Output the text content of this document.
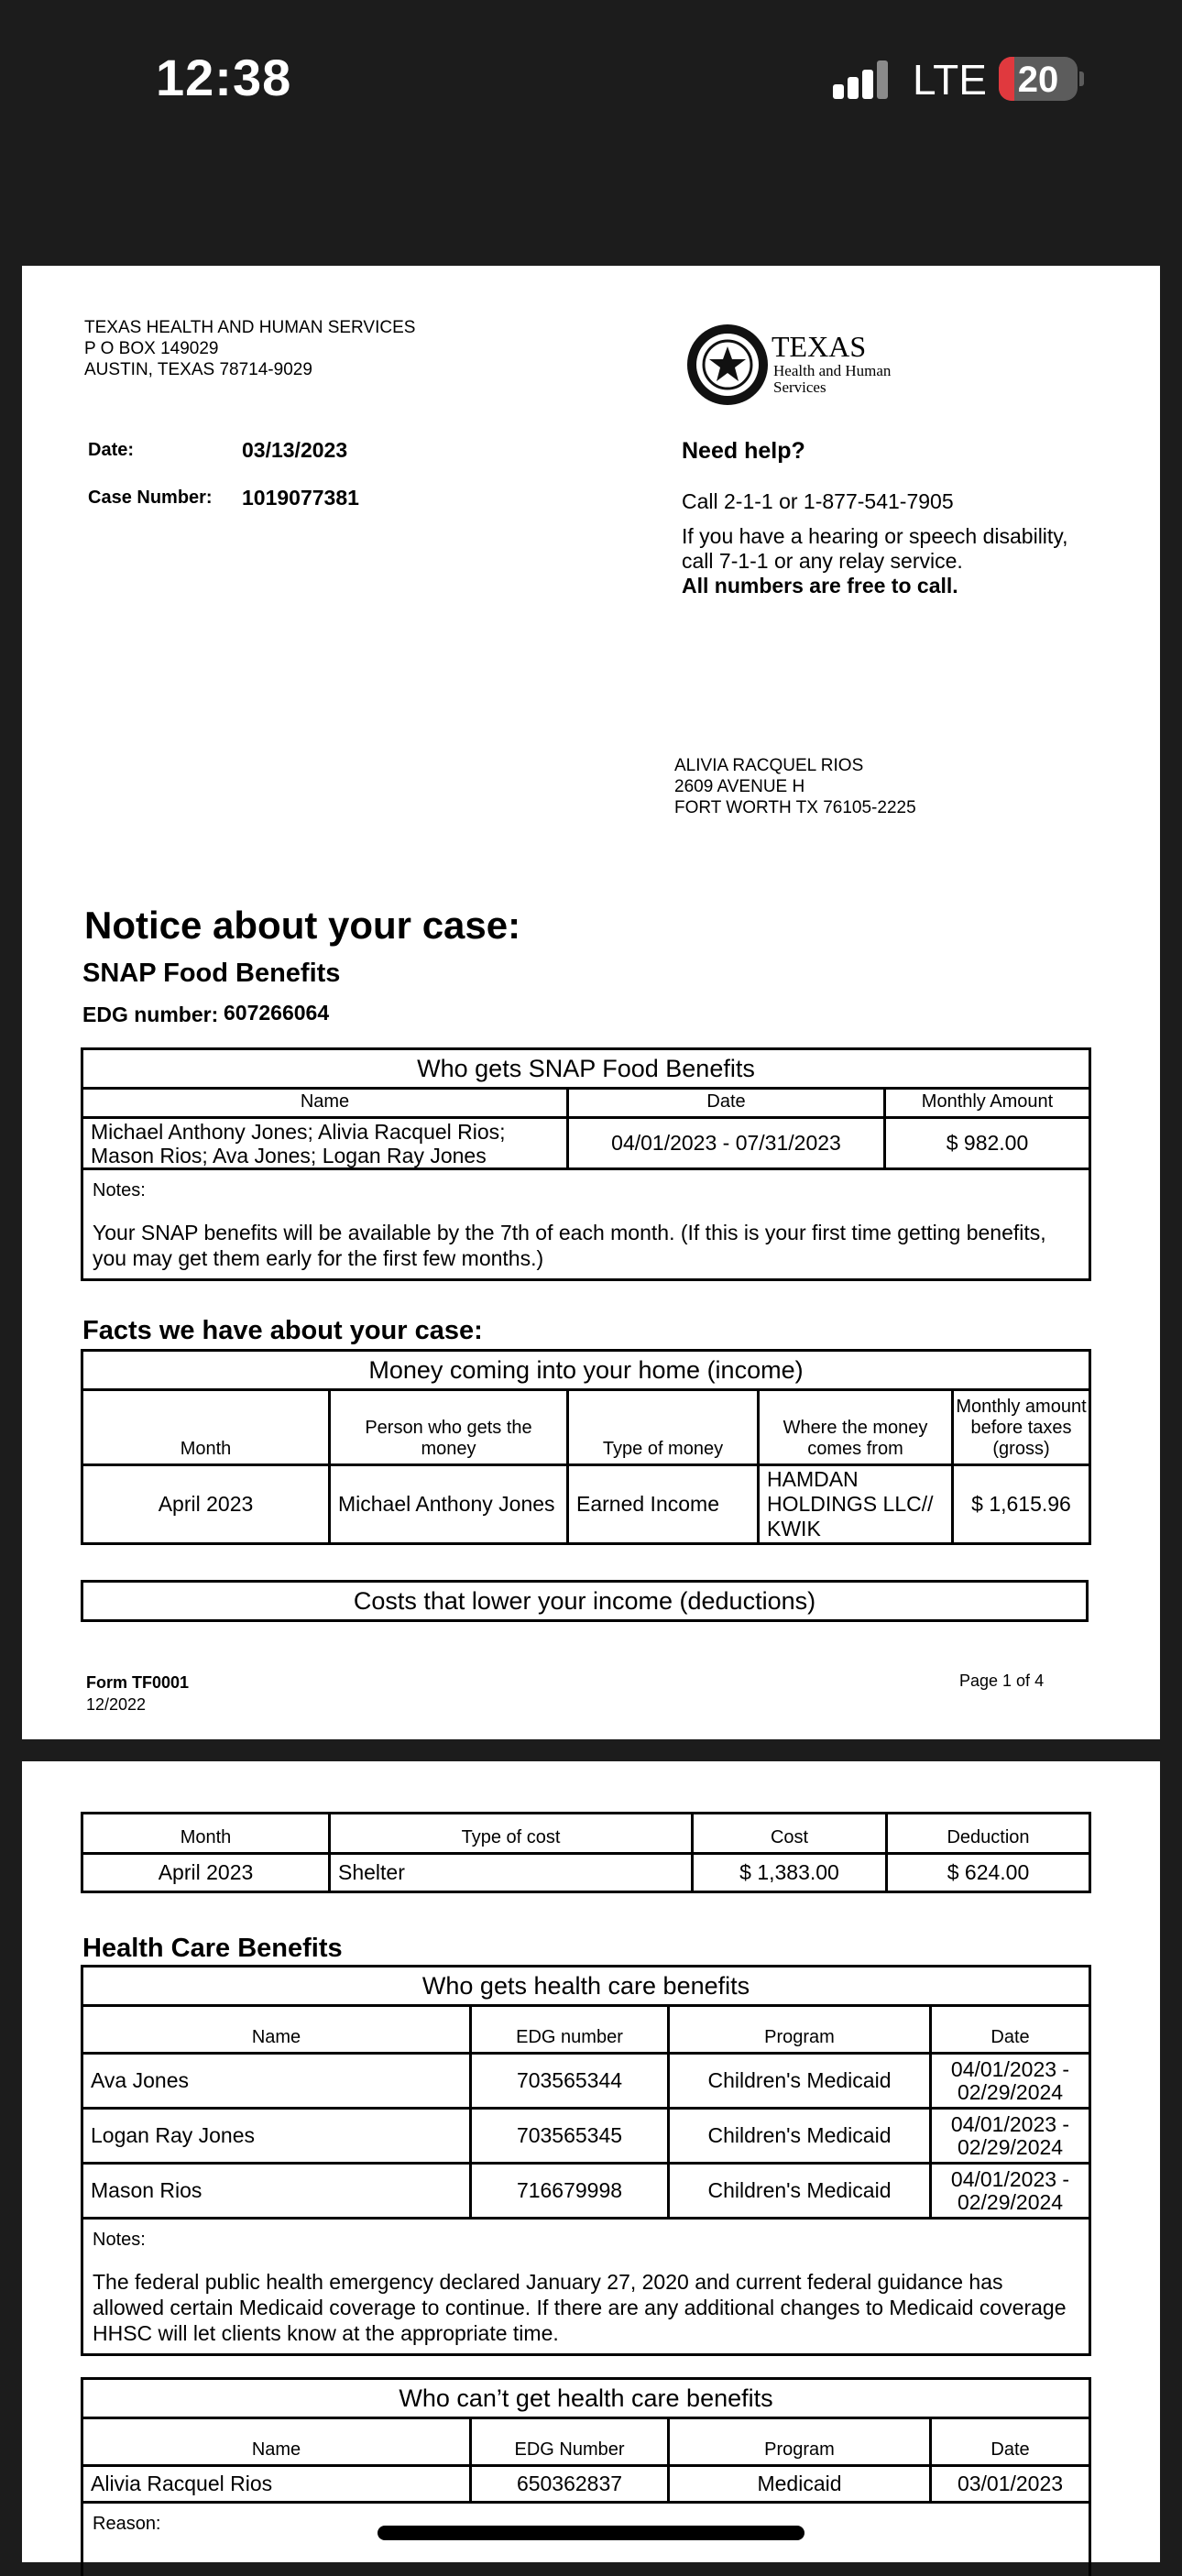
12:38	LTE 20
TEXAS HEALTH AND HUMAN SERVICES
P O BOX 149029
AUSTIN, TEXAS 78714-9029
TEXAS
Health and Human
Services
Date:	03/13/2023
Case Number: 1019077381
Need help?
Call 2-1-1 or 1-877-541-7905
If you have a hearing or speech disability,
call 7-1-1 or any relay service.
All numbers are free to call.
ALIVIA RACQUEL RIOS
2609 AVENUE H
FORT WORTH TX 76105-2225
Notice about your case:
SNAP Food Benefits
EDG number: 607266064
Who gets SNAP Food Benefits		
Name	Date	Monthly Amount

Michael Anthony Jones; Alivia Racquel Rios;
Mason Rios; Ava Jones; Logan Ray Jones	04/01/2023 - 07/31/2023	$ 982.00

Notes:
Your SNAP benefits will be available by the 7th of each month. (If this is your first time getting benefits, you may get them early for the first few months.)		
Facts we have about your case:
Money coming into your home (income)				
Month	Person who gets the money	Type of money	Where the money comes from	Monthly amount before taxes (gross)
April 2023	Michael Anthony Jones	Earned Income	HAMDAN HOLDINGS LLC// KWIK	$ 1,615.96
Costs that lower your income (deductions)
Form TF0001
12/2022
Page 1 of 4
Month	Type of cost	Cost	Deduction
April 2023	Shelter	$ 1,383.00	$ 624.00
Health Care Benefits
Who gets health care benefits			
Name	EDG number	Program	Date
Ava Jones	703565344	Children's Medicaid	04/01/2023 -
02/29/2024

Logan Ray Jones	703565345	Children's Medicaid	04/01/2023 -
02/29/2024

Mason Rios	716679998	Children's Medicaid	04/01/2023 -
02/29/2024

Notes:
The federal public health emergency declared January 27, 2020 and current federal guidance has allowed certain Medicaid coverage to continue. If there are any additional changes to Medicaid coverage HHSC will let clients know at the appropriate time.			
Who can’t get health care benefits			
Name	EDG Number	Program	Date
Alivia Racquel Rios	650362837	Medicaid	03/01/2023

Reason:			
